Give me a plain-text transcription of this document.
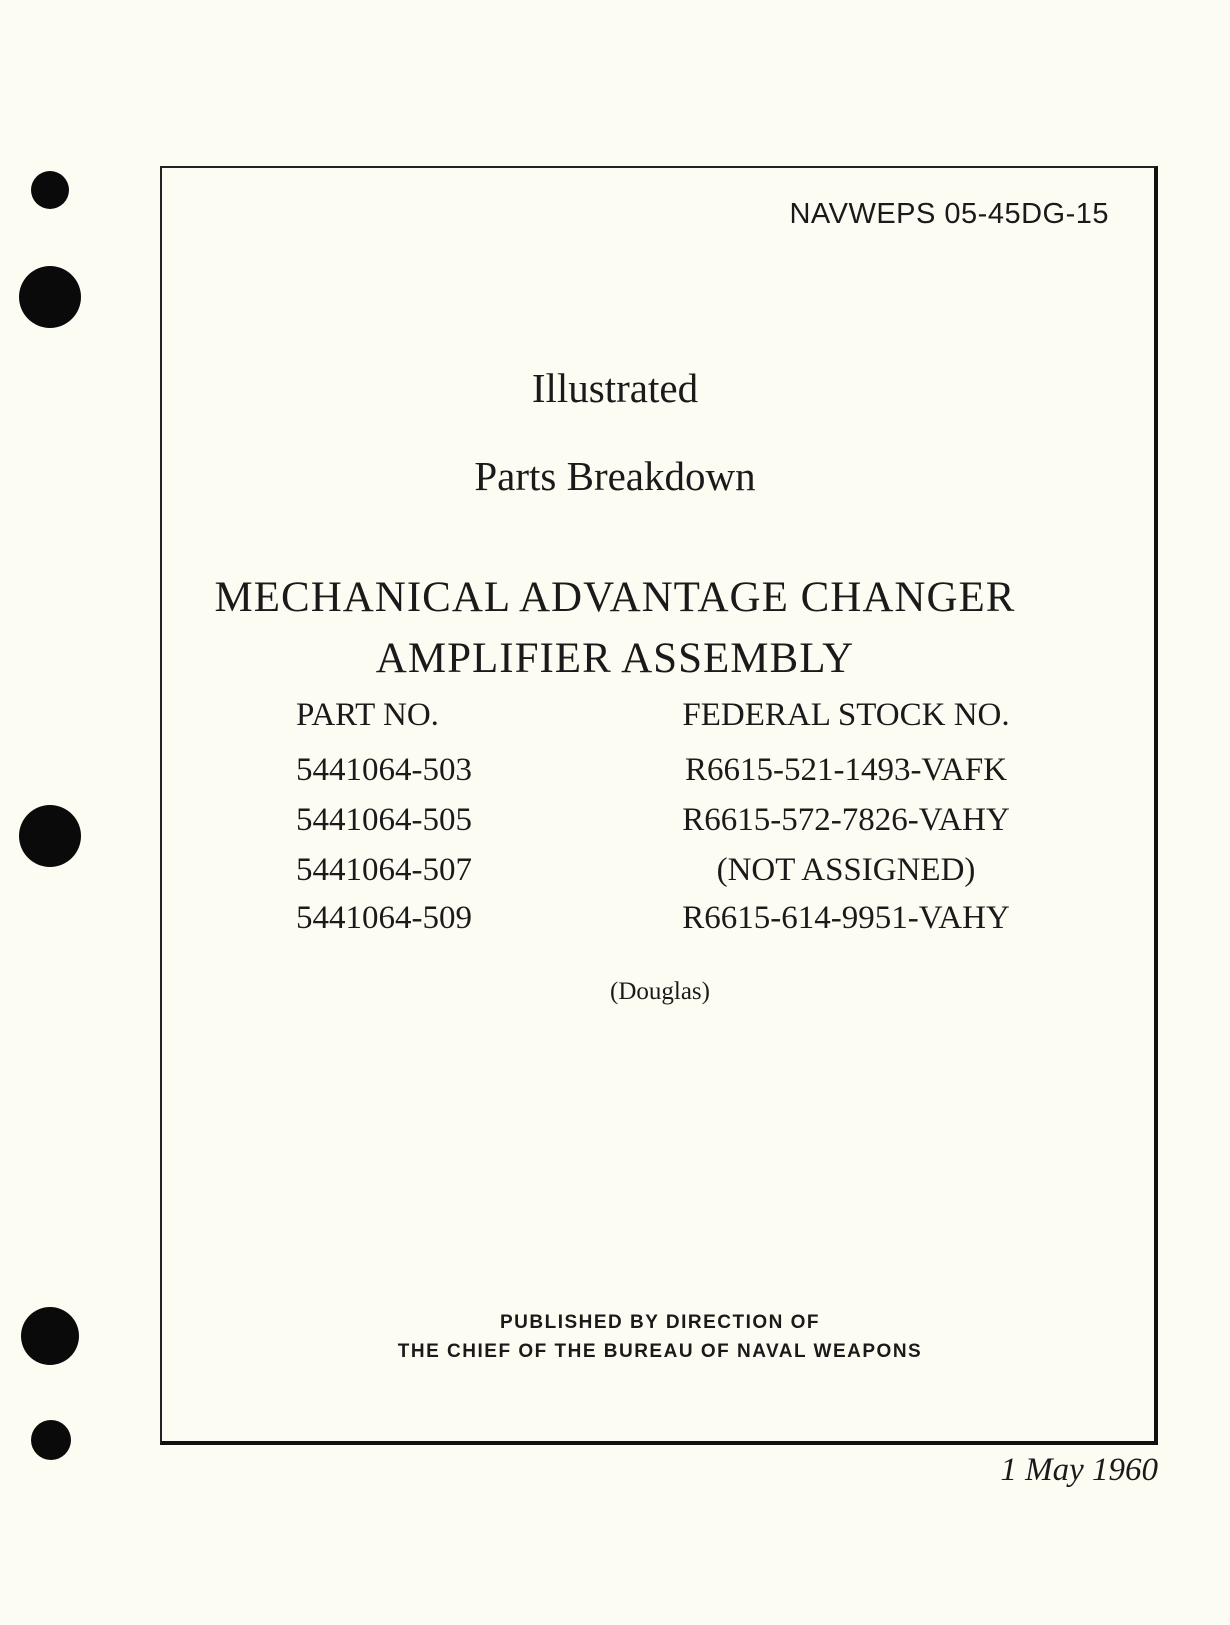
NAVWEPS 05-45DG-15
Illustrated
Parts Breakdown
MECHANICAL ADVANTAGE CHANGER
AMPLIFIER ASSEMBLY
PART NO.	FEDERAL STOCK NO.
5441064-503	R6615-521-1493-VAFK
5441064-505	R6615-572-7826-VAHY
5441064-507	(NOT ASSIGNED)
5441064-509	R6615-614-9951-VAHY
(Douglas)
PUBLISHED BY DIRECTION OF
THE CHIEF OF THE BUREAU OF NAVAL WEAPONS
1 May 1960
